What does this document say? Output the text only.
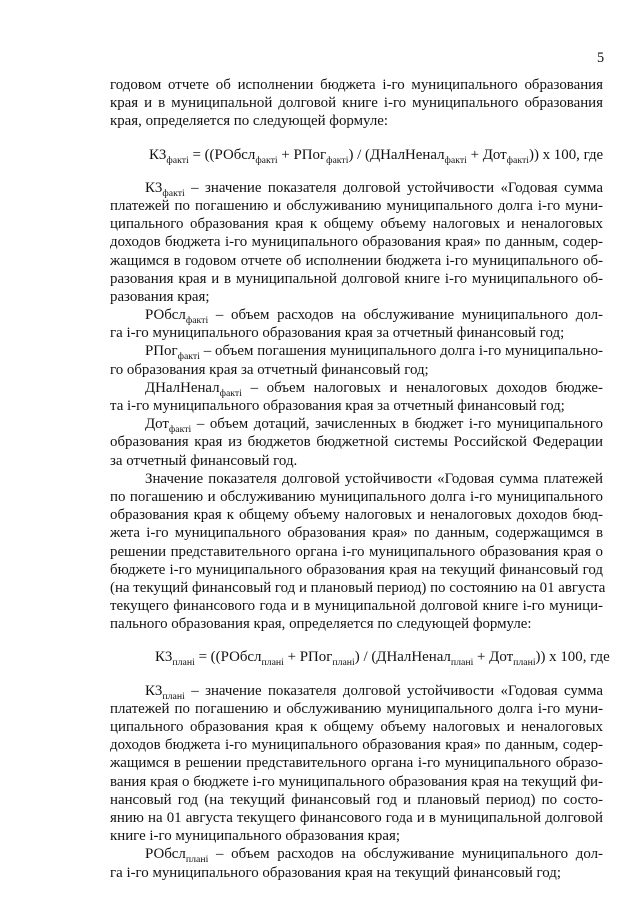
5
годовом отчете об исполнении бюджета i-го муниципального образования
края и в муниципальной долговой книге i-го муниципального образования
края, определяется по следующей формуле:
$К3_{фактi}$ = ((РОбсл$_{фактi}$ + РПог$_{фактi}$) / (ДНалНенал$_{фактi}$ + Дот$_{фактi}$)) х 100, где
$К3_{фактi}$ – значение показателя долговой устойчивости «Годовая сумма
платежей по погашению и обслуживанию муниципального долга i-го муни-
ципального образования края к общему объему налоговых и неналоговых
доходов бюджета i-го муниципального образования края» по данным, содер-
жащимся в годовом отчете об исполнении бюджета i-го муниципального об-
разования края и в муниципальной долговой книге i-го муниципального об-
разования края;
РОбсл$_{фактi}$ – объем расходов на обслуживание муниципального дол-
га i-го муниципального образования края за отчетный финансовый год;
РПог$_{фактi}$ – объем погашения муниципального долга i-го муниципально-
го образования края за отчетный финансовый год;
ДНалНенал$_{фактi}$ – объем налоговых и неналоговых доходов бюдже-
та i-го муниципального образования края за отчетный финансовый год;
Дот$_{фактi}$ – объем дотаций, зачисленных в бюджет i-го муниципального
образования края из бюджетов бюджетной системы Российской Федерации
за отчетный финансовый год.
Значение показателя долговой устойчивости «Годовая сумма платежей
по погашению и обслуживанию муниципального долга i-го муниципального
образования края к общему объему налоговых и неналоговых доходов бюд-
жета i-го муниципального образования края» по данным, содержащимся в
решении представительного органа i-го муниципального образования края о
бюджете i-го муниципального образования края на текущий финансовый год
(на текущий финансовый год и плановый период) по состоянию на 01 августа
текущего финансового года и в муниципальной долговой книге i-го муници-
пального образования края, определяется по следующей формуле:
$К3_{планi}$ = ((РОбсл$_{планi}$ + РПог$_{планi}$) / (ДНалНенал$_{планi}$ + Дот$_{планi}$)) х 100, где
$К3_{планi}$ – значение показателя долговой устойчивости «Годовая сумма
платежей по погашению и обслуживанию муниципального долга i-го муни-
ципального образования края к общему объему налоговых и неналоговых
доходов бюджета i-го муниципального образования края» по данным, содер-
жащимся в решении представительного органа i-го муниципального образо-
вания края о бюджете i-го муниципального образования края на текущий фи-
нансовый год (на текущий финансовый год и плановый период) по состо-
янию на 01 августа текущего финансового года и в муниципальной долговой
книге i-го муниципального образования края;
РОбсл$_{планi}$ – объем расходов на обслуживание муниципального дол-
га i-го муниципального образования края на текущий финансовый год;
